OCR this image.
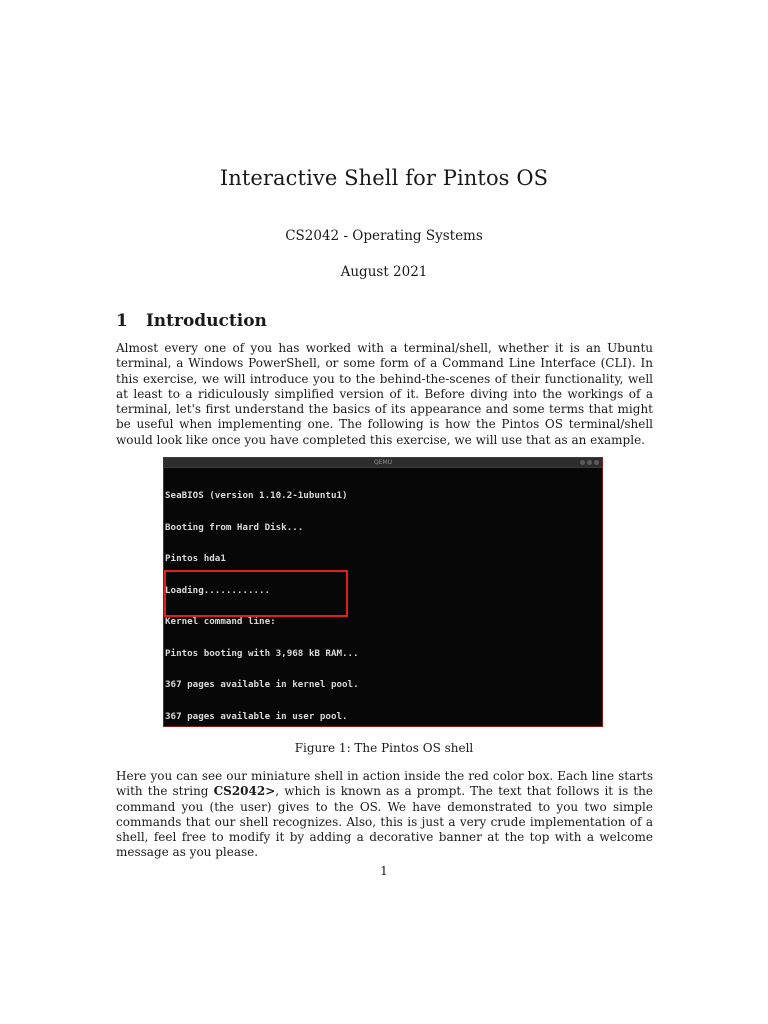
Interactive Shell for Pintos OS
CS2042 - Operating Systems
August 2021
1 Introduction
Almost every one of you has worked with a terminal/shell, whether it is an Ubuntu terminal, a Windows PowerShell, or some form of a Command Line Interface (CLI). In this exercise, we will introduce you to the behind-the-scenes of their functionality, well at least to a ridiculously simplified version of it. Before diving into the workings of a terminal, let's first understand the basics of its appearance and some terms that might be useful when implementing one. The following is how the Pintos OS terminal/shell would look like once you have completed this exercise, we will use that as an example.
QEMU

SeaBIOS (version 1.10.2-1ubuntu1)

Booting from Hard Disk...

Pintos hda1

Loading............

Kernel command line:

Pintos booting with 3,968 kB RAM...

367 pages available in kernel pool.

367 pages available in user pool.

Figure 1: The Pintos OS shell
Here you can see our miniature shell in action inside the red color box. Each line starts with the string CS2042>, which is known as a prompt. The text that follows it is the command you (the user) gives to the OS. We have demonstrated to you two simple commands that our shell recognizes. Also, this is just a very crude implementation of a shell, feel free to modify it by adding a decorative banner at the top with a welcome message as you please.
1
